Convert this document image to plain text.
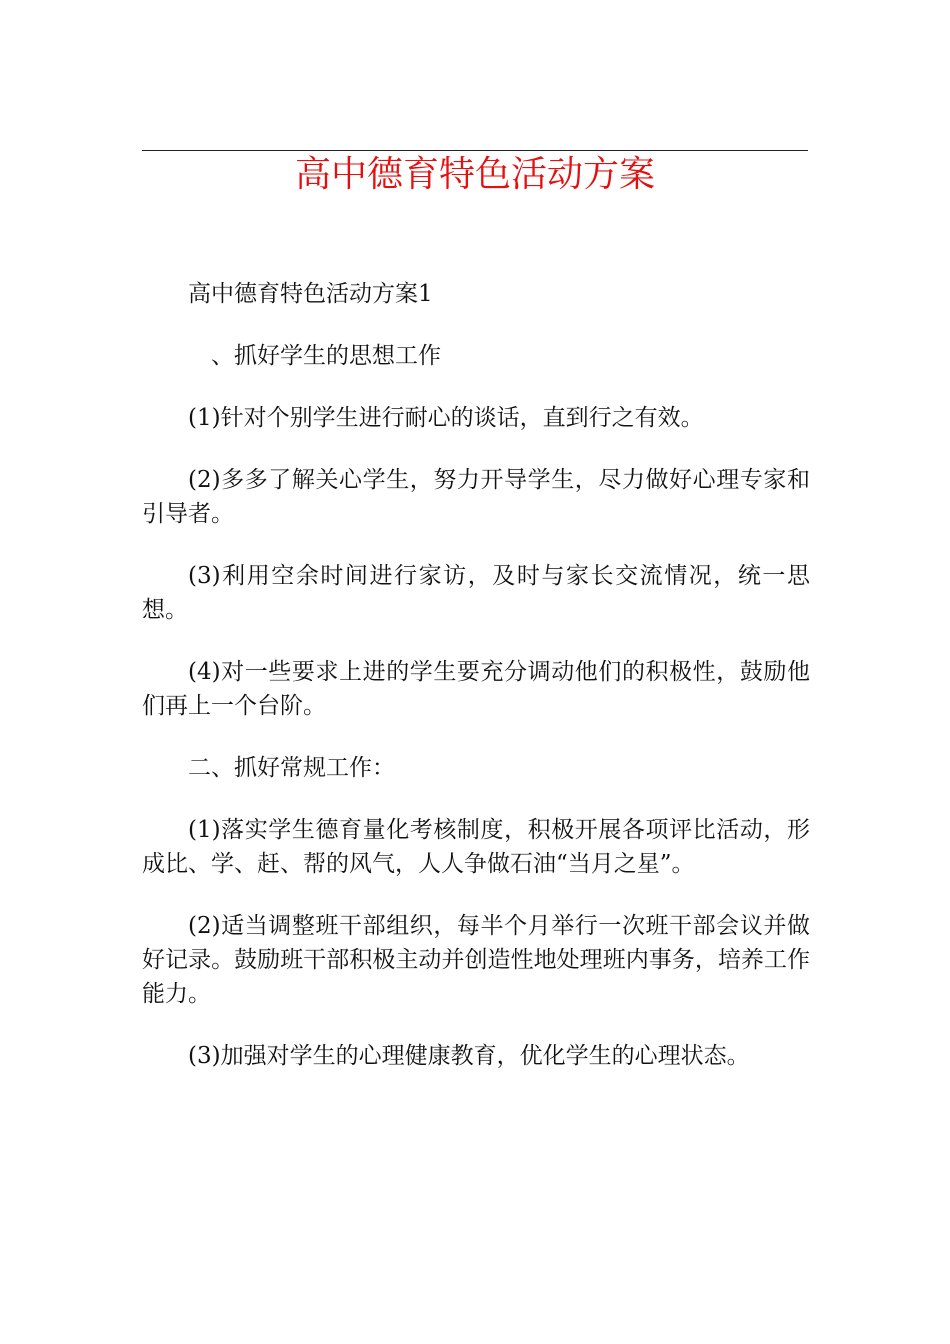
高中德育特色活动方案

高中德育特色活动方案1

　、抓好学生的思想工作

(1)针对个别学生进行耐心的谈话，直到行之有效。

(2)多多了解关心学生，努力开导学生，尽力做好心理专家和引导者。

(3)利用空余时间进行家访，及时与家长交流情况，统一思想。

(4)对一些要求上进的学生要充分调动他们的积极性，鼓励他们再上一个台阶。

二、抓好常规工作：

(1)落实学生德育量化考核制度，积极开展各项评比活动，形成比、学、赶、帮的风气，人人争做石油“当月之星”。

(2)适当调整班干部组织，每半个月举行一次班干部会议并做好记录。鼓励班干部积极主动并创造性地处理班内事务，培养工作能力。

(3)加强对学生的心理健康教育，优化学生的心理状态。
